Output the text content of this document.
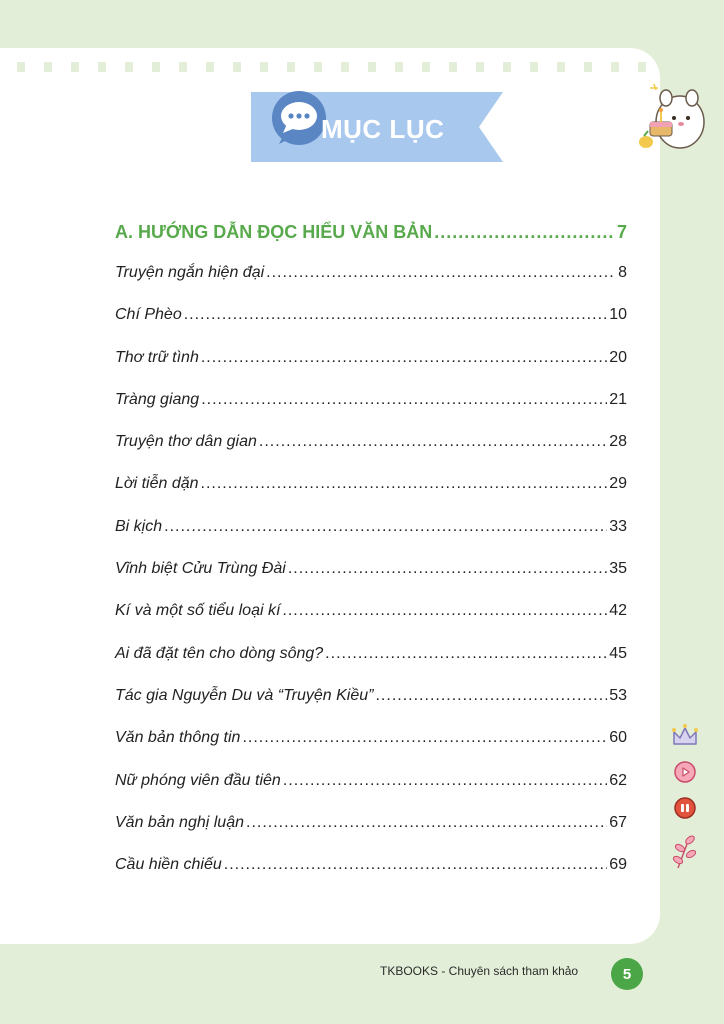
MỤC LỤC
A. HƯỚNG DẪN ĐỌC HIỂU VĂN BẢN .....	7
Truyện ngắn hiện đại .....	8
Chí Phèo .....	10
Thơ trữ tình .....	20
Tràng giang .....	21
Truyện thơ dân gian .....	28
Lời tiễn dặn .....	29
Bi kịch .....	33
Vĩnh biệt Cửu Trùng Đài .....	35
Kí và một số tiểu loại kí .....	42
Ai đã đặt tên cho dòng sông? .....	45
Tác gia Nguyễn Du và “Truyện Kiều” .....	53
Văn bản thông tin .....	60
Nữ phóng viên đầu tiên .....	62
Văn bản nghị luận .....	67
Cầu hiền chiếu .....	69
TKBOOKS - Chuyên sách tham khảo	5
